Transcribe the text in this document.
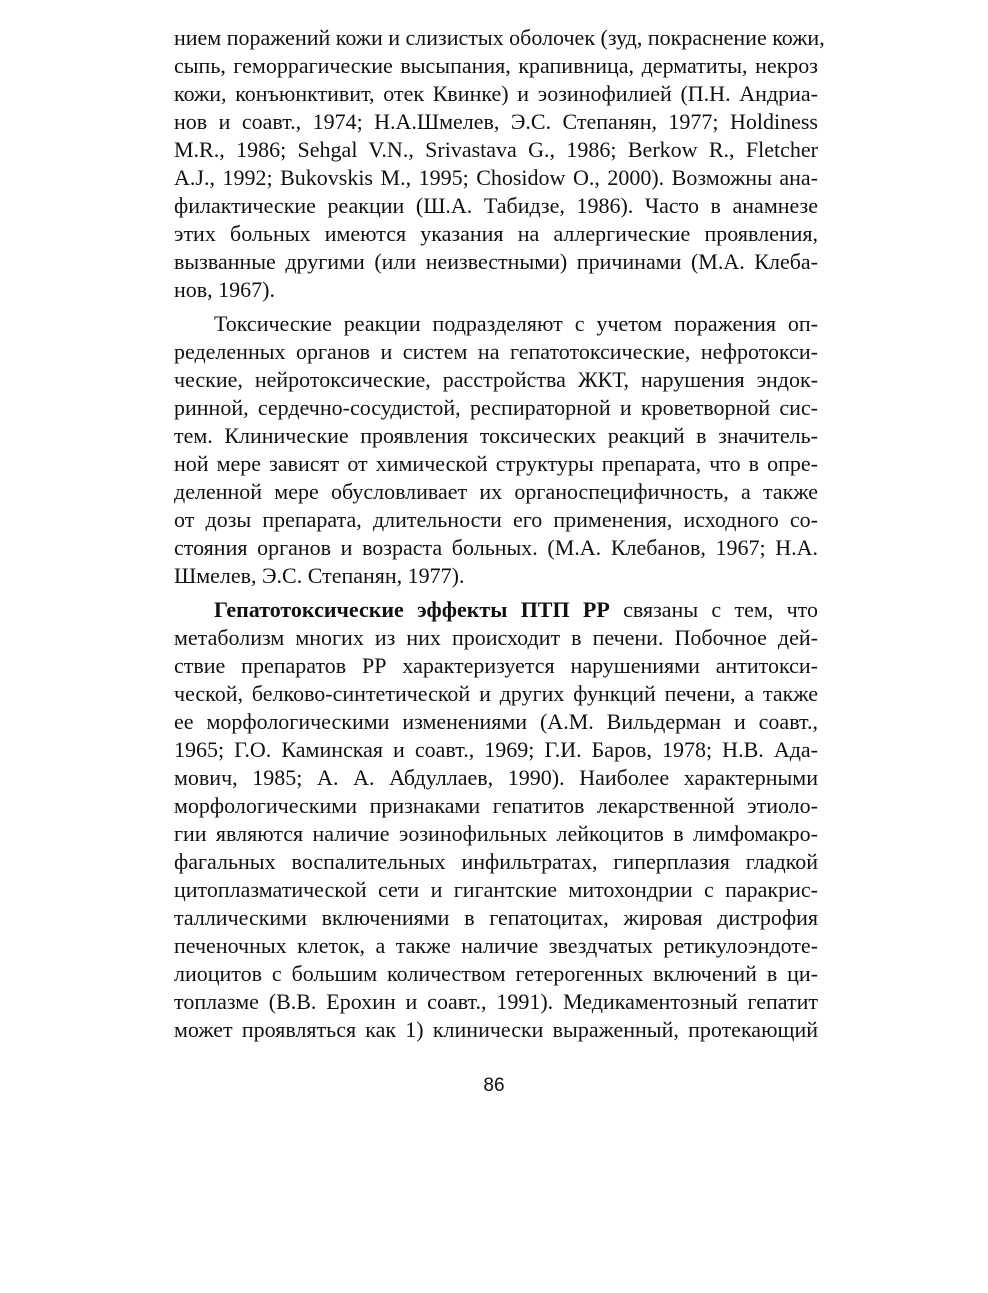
нием поражений кожи и слизистых оболочек (зуд, покраснение кожи,
сыпь, геморрагические высыпания, крапивница, дерматиты, некроз
кожи, конъюнктивит, отек Квинке) и эозинофилией (П.Н. Андриа-
нов и соавт., 1974; Н.А.Шмелев, Э.С. Степанян, 1977; Holdiness
M.R., 1986; Sehgal V.N., Srivastava G., 1986; Berkow R., Fletcher
A.J., 1992; Bukovskis M., 1995; Chosidow O., 2000). Возможны ана-
филактические реакции (Ш.А. Табидзе, 1986). Часто в анамнезе
этих больных имеются указания на аллергические проявления,
вызванные другими (или неизвестными) причинами (М.А. Клеба-
нов, 1967).

Токсические реакции подразделяют с учетом поражения оп-
ределенных органов и систем на гепатотоксические, нефротокси-
ческие, нейротоксические, расстройства ЖКТ, нарушения эндок-
ринной, сердечно-сосудистой, респираторной и кроветворной сис-
тем. Клинические проявления токсических реакций в значитель-
ной мере зависят от химической структуры препарата, что в опре-
деленной мере обусловливает их органоспецифичность, а также
от дозы препарата, длительности его применения, исходного со-
стояния органов и возраста больных. (М.А. Клебанов, 1967; Н.А.
Шмелев, Э.С. Степанян, 1977).

Гепатотоксические эффекты ПТП РР связаны с тем, что
метаболизм многих из них происходит в печени. Побочное дей-
ствие препаратов РР характеризуется нарушениями антитокси-
ческой, белково-синтетической и других функций печени, а также
ее морфологическими изменениями (А.М. Вильдерман и соавт.,
1965; Г.О. Каминская и соавт., 1969; Г.И. Баров, 1978; Н.В. Ада-
мович, 1985; А. А. Абдуллаев, 1990). Наиболее характерными
морфологическими признаками гепатитов лекарственной этиоло-
гии являются наличие эозинофильных лейкоцитов в лимфомакро-
фагальных воспалительных инфильтратах, гиперплазия гладкой
цитоплазматической сети и гигантские митохондрии с паракрис-
таллическими включениями в гепатоцитах, жировая дистрофия
печеночных клеток, а также наличие звездчатых ретикулоэндоте-
лиоцитов с большим количеством гетерогенных включений в ци-
топлазме (В.В. Ерохин и соавт., 1991). Медикаментозный гепатит
может проявляться как 1) клинически выраженный, протекающий

86
